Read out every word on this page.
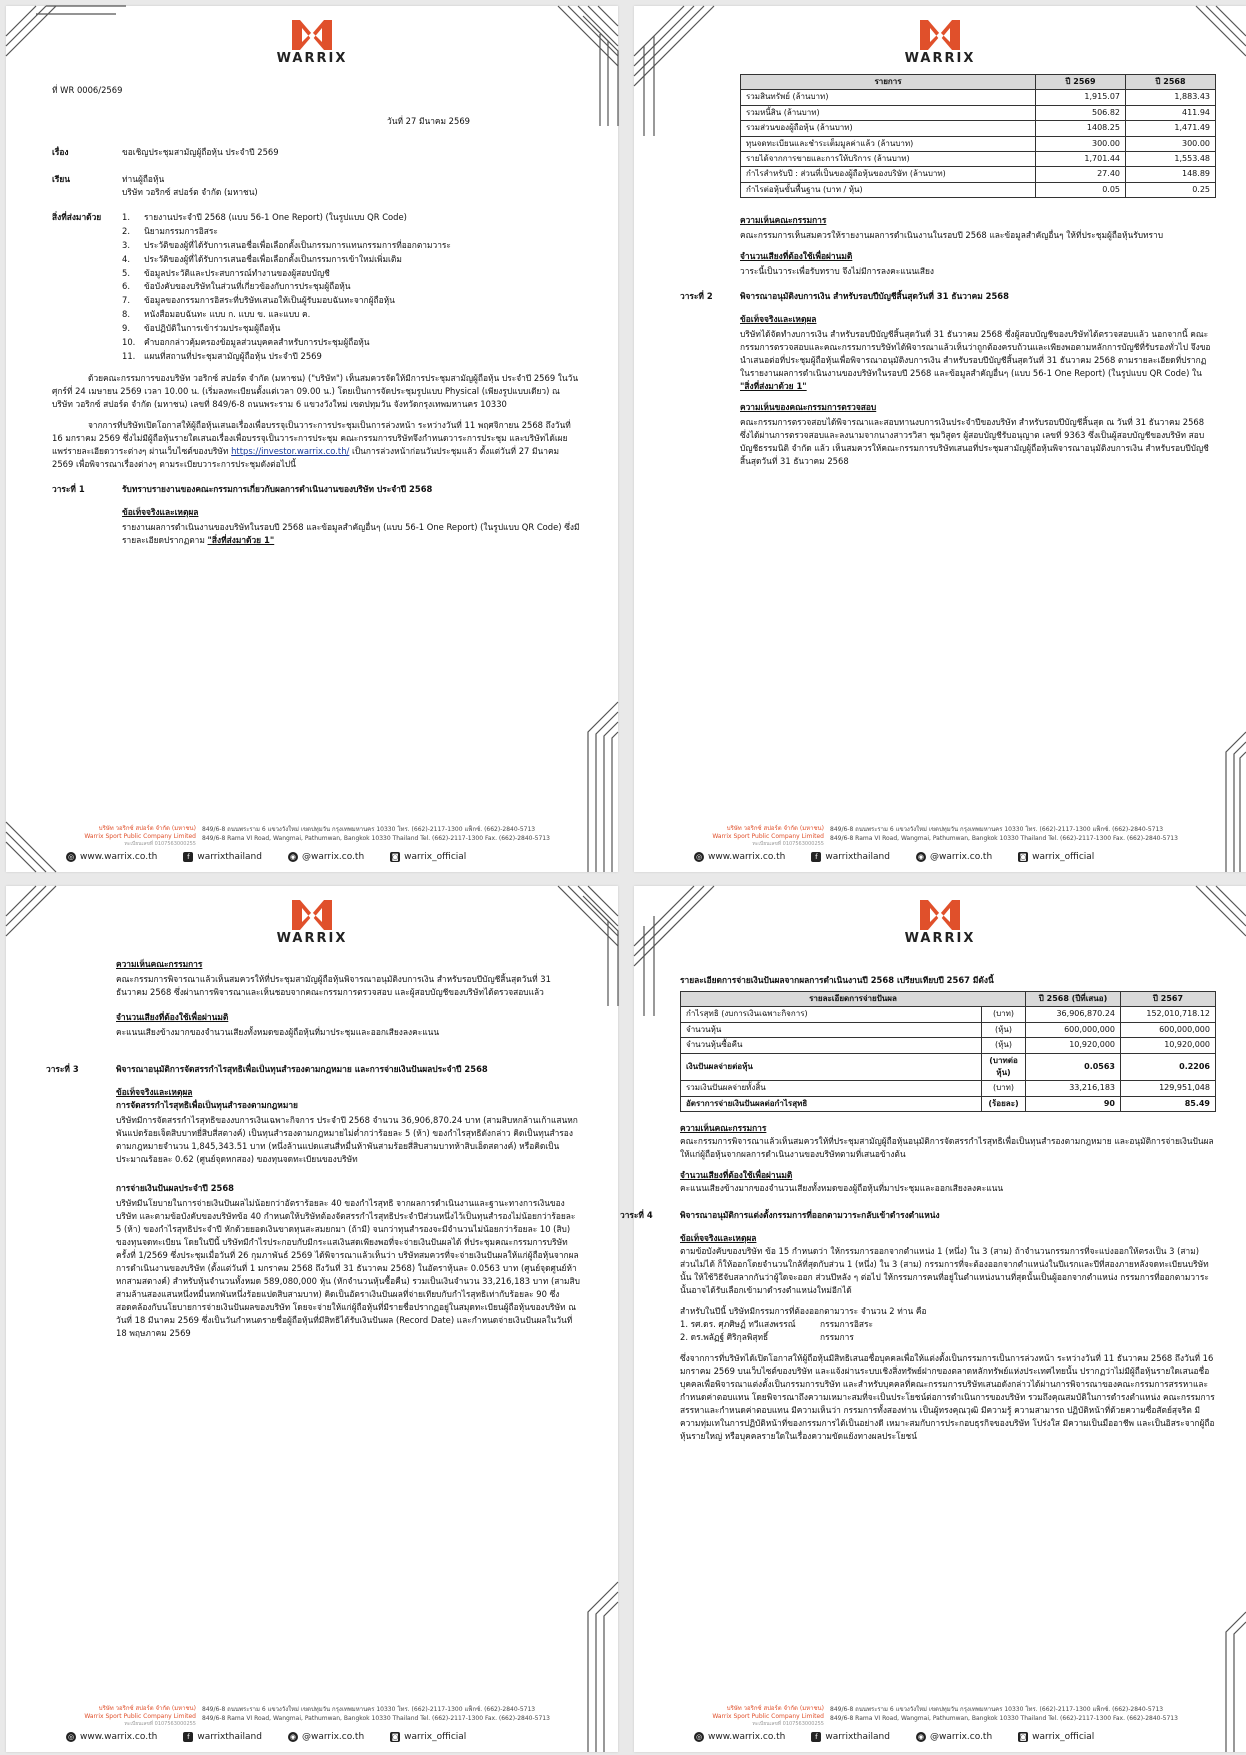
WARRIX
ที่ WR 0006/2569
วันที่ 27 มีนาคม 2569
เรื่อง	ขอเชิญประชุมสามัญผู้ถือหุ้น ประจำปี 2569
เรียน	ท่านผู้ถือหุ้น
บริษัท วอริกซ์ สปอร์ต จำกัด (มหาชน)
สิ่งที่ส่งมาด้วย	1.	รายงานประจำปี 2568 (แบบ 56-1 One Report) (ในรูปแบบ QR Code)
2.	นิยามกรรมการอิสระ
3.	ประวัติของผู้ที่ได้รับการเสนอชื่อเพื่อเลือกตั้งเป็นกรรมการแทนกรรมการที่ออกตามวาระ
4.	ประวัติของผู้ที่ได้รับการเสนอชื่อเพื่อเลือกตั้งเป็นกรรมการเข้าใหม่เพิ่มเติม
5.	ข้อมูลประวัติและประสบการณ์ทำงานของผู้สอบบัญชี
6.	ข้อบังคับของบริษัทในส่วนที่เกี่ยวข้องกับการประชุมผู้ถือหุ้น
7.	ข้อมูลของกรรมการอิสระที่บริษัทเสนอให้เป็นผู้รับมอบฉันทะจากผู้ถือหุ้น
8.	หนังสือมอบฉันทะ แบบ ก. แบบ ข. และแบบ ค.
9.	ข้อปฏิบัติในการเข้าร่วมประชุมผู้ถือหุ้น
10.	คำบอกกล่าวคุ้มครองข้อมูลส่วนบุคคลสำหรับการประชุมผู้ถือหุ้น
11.	แผนที่สถานที่ประชุมสามัญผู้ถือหุ้น ประจำปี 2569

ด้วยคณะกรรมการของบริษัท วอริกซ์ สปอร์ต จำกัด (มหาชน) ("บริษัท") เห็นสมควรจัดให้มีการประชุมสามัญผู้ถือหุ้น ประจำปี 2569 ในวันศุกร์ที่ 24 เมษายน 2569 เวลา 10.00 น. (เริ่มลงทะเบียนตั้งแต่เวลา 09.00 น.) โดยเป็นการจัดประชุมรูปแบบ Physical (เพียงรูปแบบเดียว) ณ บริษัท วอริกซ์ สปอร์ต จำกัด (มหาชน) เลขที่ 849/6-8 ถนนพระราม 6 แขวงวังใหม่ เขตปทุมวัน จังหวัดกรุงเทพมหานคร 10330

จากการที่บริษัทเปิดโอกาสให้ผู้ถือหุ้นเสนอเรื่องเพื่อบรรจุเป็นวาระการประชุมเป็นการล่วงหน้า ระหว่างวันที่ 11 พฤศจิกายน 2568 ถึงวันที่ 16 มกราคม 2569 ซึ่งไม่มีผู้ถือหุ้นรายใดเสนอเรื่องเพื่อบรรจุเป็นวาระการประชุม คณะกรรมการบริษัทจึงกำหนดวาระการประชุม และบริษัทได้เผยแพร่รายละเอียดวาระต่างๆ ผ่านเว็บไซต์ของบริษัท https://investor.warrix.co.th/ เป็นการล่วงหน้าก่อนวันประชุมแล้ว ตั้งแต่วันที่ 27 มีนาคม 2569 เพื่อพิจารณาเรื่องต่างๆ ตามระเบียบวาระการประชุมดังต่อไปนี้

วาระที่ 1	รับทราบรายงานของคณะกรรมการเกี่ยวกับผลการดำเนินงานของบริษัท ประจำปี 2568
ข้อเท็จจริงและเหตุผล

รายงานผลการดำเนินงานของบริษัทในรอบปี 2568 และข้อมูลสำคัญอื่นๆ (แบบ 56-1 One Report) (ในรูปแบบ QR Code) ซึ่งมีรายละเอียดปรากฏตาม "สิ่งที่ส่งมาด้วย 1"

บริษัท วอริกซ์ สปอร์ต จำกัด (มหาชน)
Warrix Sport Public Company Limited
ทะเบียนเลขที่ 0107563000255
849/6-8 ถนนพระราม 6 แขวงวังใหม่ เขตปทุมวัน กรุงเทพมหานคร 10330 โทร. (662)-2117-1300 แฟ็กซ์. (662)-2840-5713
849/6-8 Rama VI Road, Wangmai, Pathumwan, Bangkok 10330 Thailand Tel. (662)-2117-1300 Fax. (662)-2840-5713
◎ www.warrix.co.th	f warrixthailand	◉ @warrix.co.th	◙ warrix_official
WARRIX
รายการ	ปี 2569	ปี 2568
รวมสินทรัพย์ (ล้านบาท)	1,915.07	1,883.43
รวมหนี้สิน (ล้านบาท)	506.82	411.94
รวมส่วนของผู้ถือหุ้น (ล้านบาท)	1408.25	1,471.49
ทุนจดทะเบียนและชำระเต็มมูลค่าแล้ว (ล้านบาท)	300.00	300.00
รายได้จากการขายและการให้บริการ (ล้านบาท)	1,701.44	1,553.48
กำไรสำหรับปี : ส่วนที่เป็นของผู้ถือหุ้นของบริษัท (ล้านบาท)	27.40	148.89
กำไรต่อหุ้นขั้นพื้นฐาน (บาท / หุ้น)	0.05	0.25
ความเห็นคณะกรรมการ

คณะกรรมการเห็นสมควรให้รายงานผลการดำเนินงานในรอบปี 2568 และข้อมูลสำคัญอื่นๆ ให้ที่ประชุมผู้ถือหุ้นรับทราบ

จำนวนเสียงที่ต้องใช้เพื่อผ่านมติ

วาระนี้เป็นวาระเพื่อรับทราบ จึงไม่มีการลงคะแนนเสียง

วาระที่ 2	พิจารณาอนุมัติงบการเงิน สำหรับรอบปีบัญชีสิ้นสุดวันที่ 31 ธันวาคม 2568
ข้อเท็จจริงและเหตุผล

บริษัทได้จัดทำงบการเงิน สำหรับรอบปีบัญชีสิ้นสุดวันที่ 31 ธันวาคม 2568 ซึ่งผู้สอบบัญชีของบริษัทได้ตรวจสอบแล้ว นอกจากนี้ คณะกรรมการตรวจสอบและคณะกรรมการบริษัทได้พิจารณาแล้วเห็นว่าถูกต้องครบถ้วนและเพียงพอตามหลักการบัญชีที่รับรองทั่วไป จึงขอนำเสนอต่อที่ประชุมผู้ถือหุ้นเพื่อพิจารณาอนุมัติงบการเงิน สำหรับรอบปีบัญชีสิ้นสุดวันที่ 31 ธันวาคม 2568 ตามรายละเอียดที่ปรากฏในรายงานผลการดำเนินงานของบริษัทในรอบปี 2568 และข้อมูลสำคัญอื่นๆ (แบบ 56-1 One Report) (ในรูปแบบ QR Code) ใน "สิ่งที่ส่งมาด้วย 1"

ความเห็นของคณะกรรมการตรวจสอบ

คณะกรรมการตรวจสอบได้พิจารณาและสอบทานงบการเงินประจำปีของบริษัท สำหรับรอบปีบัญชีสิ้นสุด ณ วันที่ 31 ธันวาคม 2568 ซึ่งได้ผ่านการตรวจสอบและลงนามจากนางสาวรวิสา ชุมวิสูตร ผู้สอบบัญชีรับอนุญาต เลขที่ 9363 ซึ่งเป็นผู้สอบบัญชีของบริษัท สอบบัญชีธรรมนิติ จำกัด แล้ว เห็นสมควรให้คณะกรรมการบริษัทเสนอที่ประชุมสามัญผู้ถือหุ้นพิจารณาอนุมัติงบการเงิน สำหรับรอบปีบัญชีสิ้นสุดวันที่ 31 ธันวาคม 2568

บริษัท วอริกซ์ สปอร์ต จำกัด (มหาชน)
Warrix Sport Public Company Limited
ทะเบียนเลขที่ 0107563000255
849/6-8 ถนนพระราม 6 แขวงวังใหม่ เขตปทุมวัน กรุงเทพมหานคร 10330 โทร. (662)-2117-1300 แฟ็กซ์. (662)-2840-5713
849/6-8 Rama VI Road, Wangmai, Pathumwan, Bangkok 10330 Thailand Tel. (662)-2117-1300 Fax. (662)-2840-5713
◎ www.warrix.co.th	f warrixthailand	◉ @warrix.co.th	◙ warrix_official
WARRIX
ความเห็นคณะกรรมการ

คณะกรรมการพิจารณาแล้วเห็นสมควรให้ที่ประชุมสามัญผู้ถือหุ้นพิจารณาอนุมัติงบการเงิน สำหรับรอบปีบัญชีสิ้นสุดวันที่ 31 ธันวาคม 2568 ซึ่งผ่านการพิจารณาและเห็นชอบจากคณะกรรมการตรวจสอบ และผู้สอบบัญชีของบริษัทได้ตรวจสอบแล้ว

จำนวนเสียงที่ต้องใช้เพื่อผ่านมติ

คะแนนเสียงข้างมากของจำนวนเสียงทั้งหมดของผู้ถือหุ้นที่มาประชุมและออกเสียงลงคะแนน

วาระที่ 3	พิจารณาอนุมัติการจัดสรรกำไรสุทธิเพื่อเป็นทุนสำรองตามกฎหมาย และการจ่ายเงินปันผลประจำปี 2568
ข้อเท็จจริงและเหตุผล
การจัดสรรกำไรสุทธิเพื่อเป็นทุนสำรองตามกฎหมาย

บริษัทมีการจัดสรรกำไรสุทธิของงบการเงินเฉพาะกิจการ ประจำปี 2568 จำนวน 36,906,870.24 บาท (สามสิบหกล้านเก้าแสนหกพันแปดร้อยเจ็ดสิบบาทยี่สิบสี่สตางค์) เป็นทุนสำรองตามกฎหมายไม่ต่ำกว่าร้อยละ 5 (ห้า) ของกำไรสุทธิดังกล่าว คิดเป็นทุนสำรองตามกฎหมายจำนวน 1,845,343.51 บาท (หนึ่งล้านแปดแสนสี่หมื่นห้าพันสามร้อยสี่สิบสามบาทห้าสิบเอ็ดสตางค์) หรือคิดเป็นประมาณร้อยละ 0.62 (ศูนย์จุดหกสอง) ของทุนจดทะเบียนของบริษัท

การจ่ายเงินปันผลประจำปี 2568

บริษัทมีนโยบายในการจ่ายเงินปันผลไม่น้อยกว่าอัตราร้อยละ 40 ของกำไรสุทธิ จากผลการดำเนินงานและฐานะทางการเงินของบริษัท และตามข้อบังคับของบริษัทข้อ 40 กำหนดให้บริษัทต้องจัดสรรกำไรสุทธิประจำปีส่วนหนึ่งไว้เป็นทุนสำรองไม่น้อยกว่าร้อยละ 5 (ห้า) ของกำไรสุทธิประจำปี หักด้วยยอดเงินขาดทุนสะสมยกมา (ถ้ามี) จนกว่าทุนสำรองจะมีจำนวนไม่น้อยกว่าร้อยละ 10 (สิบ) ของทุนจดทะเบียน โดยในปีนี้ บริษัทมีกำไรประกอบกับมีกระแสเงินสดเพียงพอที่จะจ่ายเงินปันผลได้ ที่ประชุมคณะกรรมการบริษัท ครั้งที่ 1/2569 ซึ่งประชุมเมื่อวันที่ 26 กุมภาพันธ์ 2569 ได้พิจารณาแล้วเห็นว่า บริษัทสมควรที่จะจ่ายเงินปันผลให้แก่ผู้ถือหุ้นจากผลการดำเนินงานของบริษัท (ตั้งแต่วันที่ 1 มกราคม 2568 ถึงวันที่ 31 ธันวาคม 2568) ในอัตราหุ้นละ 0.0563 บาท (ศูนย์จุดศูนย์ห้าหกสามสตางค์) สำหรับหุ้นจำนวนทั้งหมด 589,080,000 หุ้น (หักจำนวนหุ้นซื้อคืน) รวมเป็นเงินจำนวน 33,216,183 บาท (สามสิบสามล้านสองแสนหนึ่งหมื่นหกพันหนึ่งร้อยแปดสิบสามบาท) คิดเป็นอัตราเงินปันผลที่จ่ายเทียบกับกำไรสุทธิเท่ากับร้อยละ 90 ซึ่งสอดคล้องกับนโยบายการจ่ายเงินปันผลของบริษัท โดยจะจ่ายให้แก่ผู้ถือหุ้นที่มีรายชื่อปรากฏอยู่ในสมุดทะเบียนผู้ถือหุ้นของบริษัท ณ วันที่ 18 มีนาคม 2569 ซึ่งเป็นวันกำหนดรายชื่อผู้ถือหุ้นที่มีสิทธิได้รับเงินปันผล (Record Date) และกำหนดจ่ายเงินปันผลในวันที่ 18 พฤษภาคม 2569

บริษัท วอริกซ์ สปอร์ต จำกัด (มหาชน)
Warrix Sport Public Company Limited
ทะเบียนเลขที่ 0107563000255
849/6-8 ถนนพระราม 6 แขวงวังใหม่ เขตปทุมวัน กรุงเทพมหานคร 10330 โทร. (662)-2117-1300 แฟ็กซ์. (662)-2840-5713
849/6-8 Rama VI Road, Wangmai, Pathumwan, Bangkok 10330 Thailand Tel. (662)-2117-1300 Fax. (662)-2840-5713
◎ www.warrix.co.th	f warrixthailand	◉ @warrix.co.th	◙ warrix_official
WARRIX
รายละเอียดการจ่ายเงินปันผลจากผลการดำเนินงานปี 2568 เปรียบเทียบปี 2567 มีดังนี้
รายละเอียดการจ่ายปันผล		ปี 2568 (ปีที่เสนอ)	ปี 2567
กำไรสุทธิ (งบการเงินเฉพาะกิจการ)	(บาท)	36,906,870.24	152,010,718.12
จำนวนหุ้น	(หุ้น)	600,000,000	600,000,000
จำนวนหุ้นซื้อคืน	(หุ้น)	10,920,000	10,920,000
เงินปันผลจ่ายต่อหุ้น	(บาทต่อหุ้น)	0.0563	0.2206
รวมเงินปันผลจ่ายทั้งสิ้น	(บาท)	33,216,183	129,951,048
อัตราการจ่ายเงินปันผลต่อกำไรสุทธิ	(ร้อยละ)	90	85.49
ความเห็นคณะกรรมการ

คณะกรรมการพิจารณาแล้วเห็นสมควรให้ที่ประชุมสามัญผู้ถือหุ้นอนุมัติการจัดสรรกำไรสุทธิเพื่อเป็นทุนสำรองตามกฎหมาย และอนุมัติการจ่ายเงินปันผลให้แก่ผู้ถือหุ้นจากผลการดำเนินงานของบริษัทตามที่เสนอข้างต้น

จำนวนเสียงที่ต้องใช้เพื่อผ่านมติ

คะแนนเสียงข้างมากของจำนวนเสียงทั้งหมดของผู้ถือหุ้นที่มาประชุมและออกเสียงลงคะแนน

วาระที่ 4	พิจารณาอนุมัติการแต่งตั้งกรรมการที่ออกตามวาระกลับเข้าดำรงตำแหน่ง
ข้อเท็จจริงและเหตุผล

ตามข้อบังคับของบริษัท ข้อ 15 กำหนดว่า ให้กรรมการออกจากตำแหน่ง 1 (หนึ่ง) ใน 3 (สาม) ถ้าจำนวนกรรมการที่จะแบ่งออกให้ตรงเป็น 3 (สาม) ส่วนไม่ได้ ก็ให้ออกโดยจำนวนใกล้ที่สุดกับส่วน 1 (หนึ่ง) ใน 3 (สาม) กรรมการที่จะต้องออกจากตำแหน่งในปีแรกและปีที่สองภายหลังจดทะเบียนบริษัทนั้น ให้ใช้วิธีจับสลากกันว่าผู้ใดจะออก ส่วนปีหลัง ๆ ต่อไป ให้กรรมการคนที่อยู่ในตำแหน่งนานที่สุดนั้นเป็นผู้ออกจากตำแหน่ง กรรมการที่ออกตามวาระนั้นอาจได้รับเลือกเข้ามาดำรงตำแหน่งใหม่อีกได้

สำหรับในปีนี้ บริษัทมีกรรมการที่ต้องออกตามวาระ จำนวน 2 ท่าน คือ

1. รศ.ดร. ศุภศิษฏ์ ทวีแสงพรรณ์	กรรมการอิสระ
2. ดร.พลัฏฐ์ ศิริกุลพิสุทธิ์	กรรมการ

ซึ่งจากการที่บริษัทได้เปิดโอกาสให้ผู้ถือหุ้นมีสิทธิเสนอชื่อบุคคลเพื่อให้แต่งตั้งเป็นกรรมการเป็นการล่วงหน้า ระหว่างวันที่ 11 ธันวาคม 2568 ถึงวันที่ 16 มกราคม 2569 บนเว็บไซต์ของบริษัท และแจ้งผ่านระบบเชิงสิ่งทรัพย์ฝากของตลาดหลักทรัพย์แห่งประเทศไทยนั้น ปรากฏว่าไม่มีผู้ถือหุ้นรายใดเสนอชื่อบุคคลเพื่อพิจารณาแต่งตั้งเป็นกรรมการบริษัท และสำหรับบุคคลที่คณะกรรมการบริษัทเสนอดังกล่าวได้ผ่านการพิจารณาของคณะกรรมการสรรหาและกำหนดค่าตอบแทน โดยพิจารณาถึงความเหมาะสมที่จะเป็นประโยชน์ต่อการดำเนินการของบริษัท รวมถึงคุณสมบัติในการดำรงตำแหน่ง คณะกรรมการสรรหาและกำหนดค่าตอบแทน มีความเห็นว่า กรรมการทั้งสองท่าน เป็นผู้ทรงคุณวุฒิ มีความรู้ ความสามารถ ปฏิบัติหน้าที่ด้วยความซื่อสัตย์สุจริต มีความทุ่มเทในการปฏิบัติหน้าที่ของกรรมการได้เป็นอย่างดี เหมาะสมกับการประกอบธุรกิจของบริษัท โปร่งใส มีความเป็นมืออาชีพ และเป็นอิสระจากผู้ถือหุ้นรายใหญ่ หรือบุคคลรายใดในเรื่องความขัดแย้งทางผลประโยชน์

บริษัท วอริกซ์ สปอร์ต จำกัด (มหาชน)
Warrix Sport Public Company Limited
ทะเบียนเลขที่ 0107563000255
849/6-8 ถนนพระราม 6 แขวงวังใหม่ เขตปทุมวัน กรุงเทพมหานคร 10330 โทร. (662)-2117-1300 แฟ็กซ์. (662)-2840-5713
849/6-8 Rama VI Road, Wangmai, Pathumwan, Bangkok 10330 Thailand Tel. (662)-2117-1300 Fax. (662)-2840-5713
◎ www.warrix.co.th	f warrixthailand	◉ @warrix.co.th	◙ warrix_official
